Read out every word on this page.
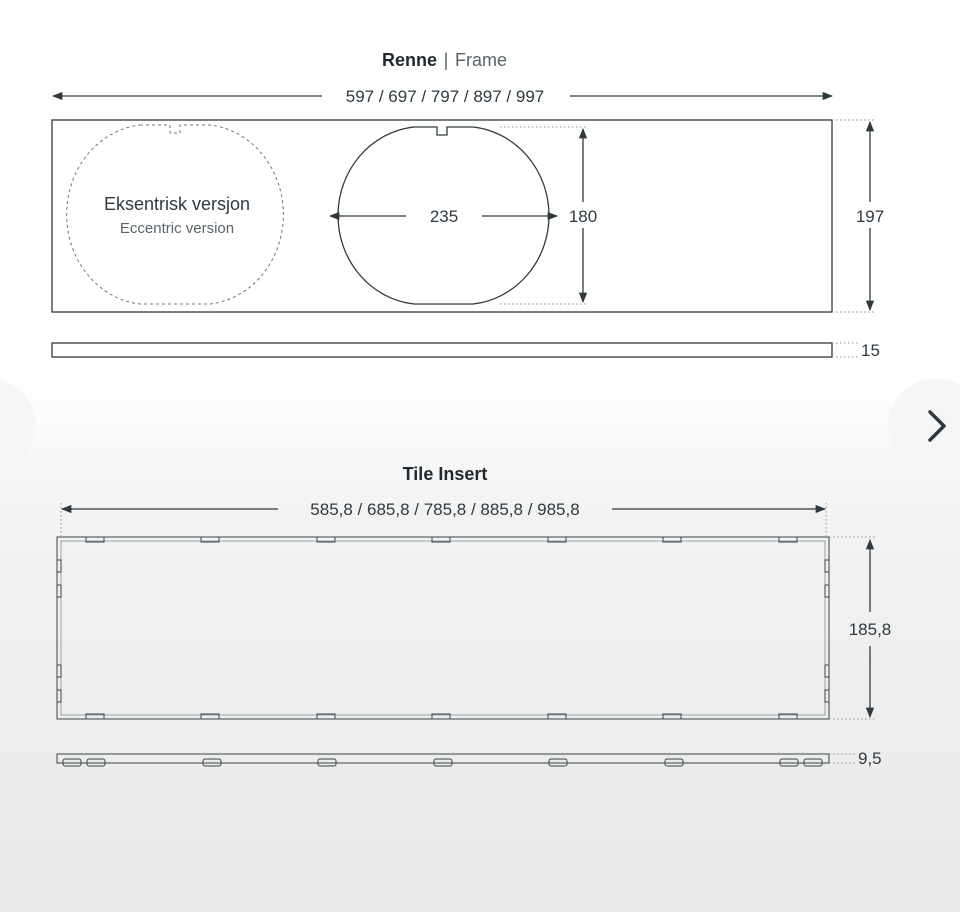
Renne | Frame
597 / 697 / 797 / 897 / 997
Eksentrisk versjon
Eccentric version
235	180	197
15
Tile Insert
585,8 / 685,8 / 785,8 / 885,8 / 985,8
185,8
9,5
